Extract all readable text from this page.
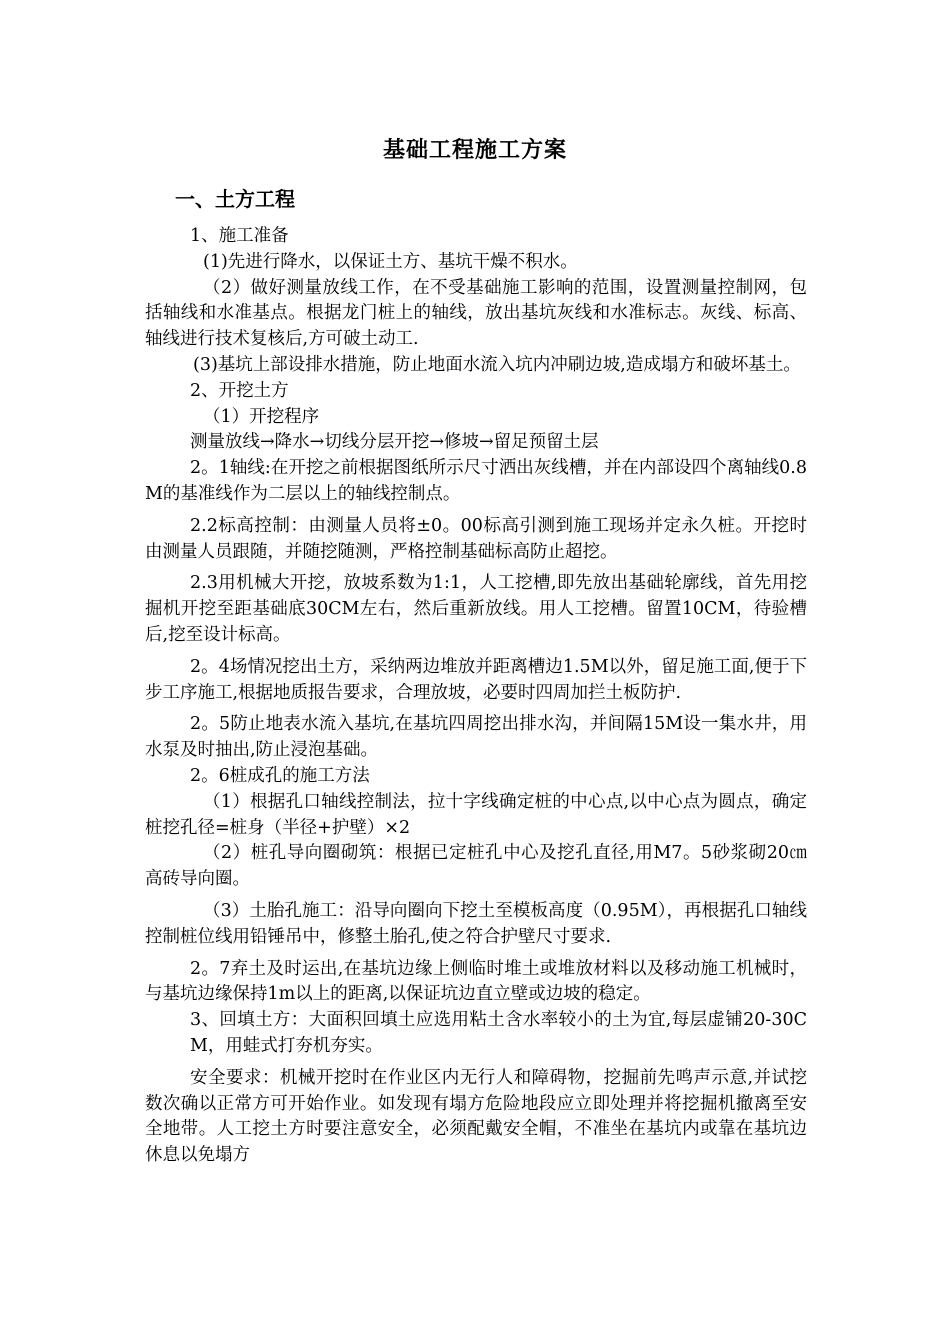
基础工程施工方案
一、土方工程

1、施工准备

(1)先进行降水，以保证土方、基坑干燥不积水。

（2）做好测量放线工作，在不受基础施工影响的范围，设置测量控制网，包括轴线和水准基点。根据龙门桩上的轴线，放出基坑灰线和水准标志。灰线、标高、轴线进行技术复核后,方可破土动工.

(3)基坑上部设排水措施，防止地面水流入坑内冲刷边坡,造成塌方和破坏基土。

2、开挖土方

（1）开挖程序

测量放线→降水→切线分层开挖→修坡→留足预留土层

2。1轴线:在开挖之前根据图纸所示尺寸洒出灰线槽，并在内部设四个离轴线0.8M的基准线作为二层以上的轴线控制点。

2.2标高控制：由测量人员将±0。00标高引测到施工现场并定永久桩。开挖时由测量人员跟随，并随挖随测，严格控制基础标高防止超挖。

2.3用机械大开挖，放坡系数为1:1，人工挖槽,即先放出基础轮廓线，首先用挖掘机开挖至距基础底30CM左右，然后重新放线。用人工挖槽。留置10CM，待验槽后,挖至设计标高。

2。4场情况挖出土方，采纳两边堆放并距离槽边1.5M以外，留足施工面,便于下步工序施工,根据地质报告要求，合理放坡，必要时四周加拦土板防护.

2。5防止地表水流入基坑,在基坑四周挖出排水沟，并间隔15M设一集水井，用水泵及时抽出,防止浸泡基础。

2。6桩成孔的施工方法

（1）根据孔口轴线控制法，拉十字线确定桩的中心点,以中心点为圆点，确定桩挖孔径=桩身（半径+护壁）×2

（2）桩孔导向圈砌筑：根据已定桩孔中心及挖孔直径,用M7。5砂浆砌20㎝高砖导向圈。

（3）土胎孔施工：沿导向圈向下挖土至模板高度（0.95M），再根据孔口轴线控制桩位线用铅锤吊中，修整土胎孔,使之符合护壁尺寸要求.

2。7弃土及时运出,在基坑边缘上侧临时堆土或堆放材料以及移动施工机械时，与基坑边缘保持1m以上的距离,以保证坑边直立壁或边坡的稳定。

3、回填土方：大面积回填土应选用粘土含水率较小的土为宜,每层虚铺20-30CM，用蛙式打夯机夯实。

安全要求：机械开挖时在作业区内无行人和障碍物，挖掘前先鸣声示意,并试挖数次确以正常方可开始作业。如发现有塌方危险地段应立即处理并将挖掘机撤离至安全地带。人工挖土方时要注意安全，必须配戴安全帽，不准坐在基坑内或靠在基坑边休息以免塌方
